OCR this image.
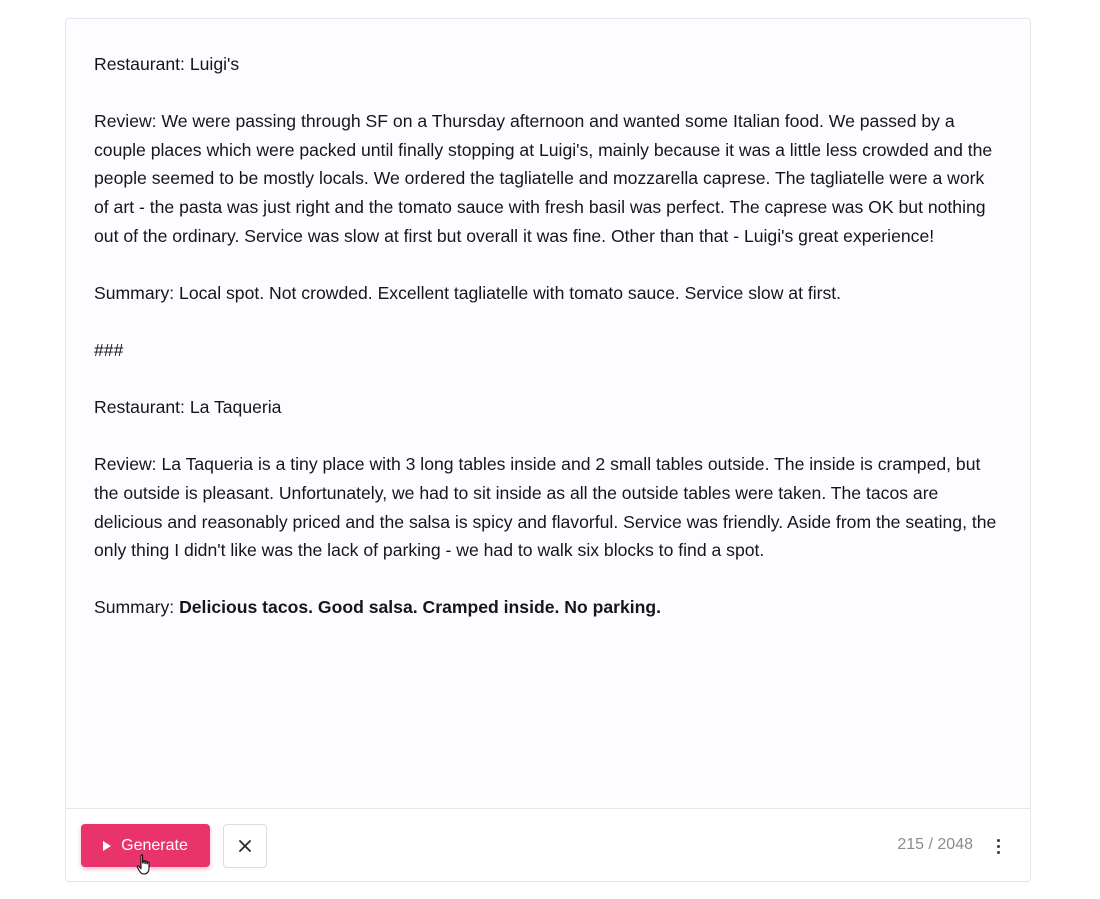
Restaurant: Luigi's

Review: We were passing through SF on a Thursday afternoon and wanted some Italian food. We passed by a couple places which were packed until finally stopping at Luigi's, mainly because it was a little less crowded and the people seemed to be mostly locals. We ordered the tagliatelle and mozzarella caprese. The tagliatelle were a work of art - the pasta was just right and the tomato sauce with fresh basil was perfect. The caprese was OK but nothing out of the ordinary. Service was slow at first but overall it was fine. Other than that - Luigi's great experience!

Summary: Local spot. Not crowded. Excellent tagliatelle with tomato sauce. Service slow at first.

###

Restaurant: La Taqueria

Review: La Taqueria is a tiny place with 3 long tables inside and 2 small tables outside. The inside is cramped, but the outside is pleasant. Unfortunately, we had to sit inside as all the outside tables were taken. The tacos are delicious and reasonably priced and the salsa is spicy and flavorful. Service was friendly. Aside from the seating, the only thing I didn't like was the lack of parking - we had to walk six blocks to find a spot.

Summary: Delicious tacos. Good salsa. Cramped inside. No parking.

Generate	215 / 2048
